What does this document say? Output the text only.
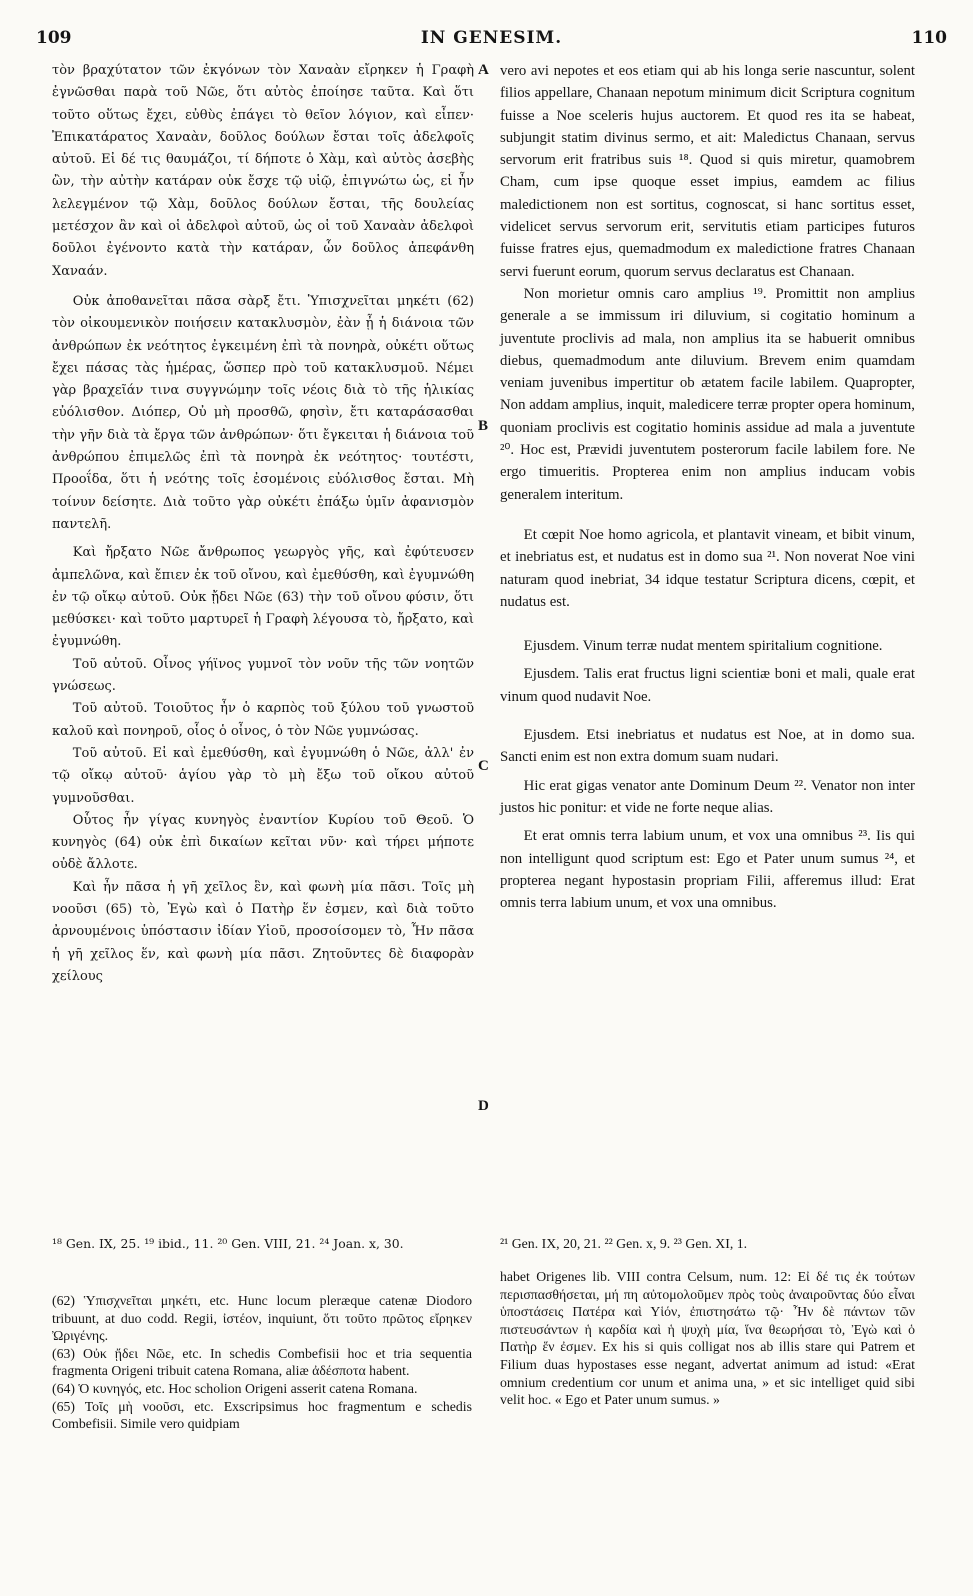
109	IN GENESIM.	110

τὸν βραχύτατον τῶν ἐκγόνων τὸν Χαναὰν εἴρηκεν ἡ Γραφὴ ἐγνῶσθαι παρὰ τοῦ Νῶε, ὅτι αὐτὸς ἐποίησε ταῦτα. Καὶ ὅτι τοῦτο οὕτως ἔχει, εὐθὺς ἐπάγει τὸ θεῖον λόγιον, καὶ εἶπεν· Ἐπικατάρατος Χαναὰν, δοῦλος δούλων ἔσται τοῖς ἀδελφοῖς αὐτοῦ. Εἰ δέ τις θαυμάζοι, τί δήποτε ὁ Χὰμ, καὶ αὐτὸς ἀσεβὴς ὢν, τὴν αὐτὴν κατάραν οὐκ ἔσχε τῷ υἱῷ, ἐπιγνώτω ὡς, εἰ ἦν λελεγμένον τῷ Χὰμ, δοῦλος δούλων ἔσται, τῆς δουλείας μετέσχον ἂν καὶ οἱ ἀδελφοὶ αὐτοῦ, ὡς οἱ τοῦ Χαναὰν ἀδελφοὶ δοῦλοι ἐγένοντο κατὰ τὴν κατάραν, ὧν δοῦλος ἀπεφάνθη Χαναάν.

Οὐκ ἀποθανεῖται πᾶσα σὰρξ ἔτι. Ὑπισχνεῖται μηκέτι (62) τὸν οἰκουμενικὸν ποιήσειν κατακλυσμὸν, ἐὰν ᾖ ἡ διάνοια τῶν ἀνθρώπων ἐκ νεότητος ἐγκειμένη ἐπὶ τὰ πονηρὰ, οὐκέτι οὕτως ἔχει πάσας τὰς ἡμέρας, ὥσπερ πρὸ τοῦ κατακλυσμοῦ. Νέμει γὰρ βραχεῖάν τινα συγγνώμην τοῖς νέοις διὰ τὸ τῆς ἡλικίας εὐόλισθον. Διόπερ, Οὐ μὴ προσθῶ, φησὶν, ἔτι καταράσασθαι τὴν γῆν διὰ τὰ ἔργα τῶν ἀνθρώπων· ὅτι ἔγκειται ἡ διάνοια τοῦ ἀνθρώπου ἐπιμελῶς ἐπὶ τὰ πονηρὰ ἐκ νεότητος· τουτέστι, Προοΐδα, ὅτι ἡ νεότης τοῖς ἐσομένοις εὐόλισθος ἔσται. Μὴ τοίνυν δείσητε. Διὰ τοῦτο γὰρ οὐκέτι ἐπάξω ὑμῖν ἀφανισμὸν παντελῆ.

Καὶ ἤρξατο Νῶε ἄνθρωπος γεωργὸς γῆς, καὶ ἐφύτευσεν ἀμπελῶνα, καὶ ἔπιεν ἐκ τοῦ οἴνου, καὶ ἐμεθύσθη, καὶ ἐγυμνώθη ἐν τῷ οἴκῳ αὐτοῦ. Οὐκ ᾔδει Νῶε (63) τὴν τοῦ οἴνου φύσιν, ὅτι μεθύσκει· καὶ τοῦτο μαρτυρεῖ ἡ Γραφὴ λέγουσα τὸ, ἤρξατο, καὶ ἐγυμνώθη.

Τοῦ αὐτοῦ. Οἶνος γήϊνος γυμνοῖ τὸν νοῦν τῆς τῶν νοητῶν γνώσεως.

Τοῦ αὐτοῦ. Τοιοῦτος ἦν ὁ καρπὸς τοῦ ξύλου τοῦ γνωστοῦ καλοῦ καὶ πονηροῦ, οἷος ὁ οἶνος, ὁ τὸν Νῶε γυμνώσας.

Τοῦ αὐτοῦ. Εἰ καὶ ἐμεθύσθη, καὶ ἐγυμνώθη ὁ Νῶε, ἀλλ' ἐν τῷ οἴκῳ αὐτοῦ· ἁγίου γὰρ τὸ μὴ ἔξω τοῦ οἴκου αὐτοῦ γυμνοῦσθαι.

Οὗτος ἦν γίγας κυνηγὸς ἐναντίον Κυρίου τοῦ Θεοῦ. Ὁ κυνηγὸς (64) οὐκ ἐπὶ δικαίων κεῖται νῦν· καὶ τήρει μήποτε οὐδὲ ἄλλοτε.

Καὶ ἦν πᾶσα ἡ γῆ χεῖλος ἓν, καὶ φωνὴ μία πᾶσι. Τοῖς μὴ νοοῦσι (65) τὸ, Ἐγὼ καὶ ὁ Πατὴρ ἕν ἐσμεν, καὶ διὰ τοῦτο ἀρνουμένοις ὑπόστασιν ἰδίαν Υἱοῦ, προσοίσομεν τὸ, Ἦν πᾶσα ἡ γῆ χεῖλος ἕν, καὶ φωνὴ μία πᾶσι. Ζητοῦντες δὲ διαφορὰν χείλους

A
B
C
D

vero avi nepotes et eos etiam qui ab his longa serie nascuntur, solent filios appellare, Chanaan nepotum minimum dicit Scriptura cognitum fuisse a Noe sceleris hujus auctorem. Et quod res ita se habeat, subjungit statim divinus sermo, et ait: Maledictus Chanaan, servus servorum erit fratribus suis ¹⁸. Quod si quis miretur, quamobrem Cham, cum ipse quoque esset impius, eamdem ac filius maledictionem non est sortitus, cognoscat, si hanc sortitus esset, videlicet servus servorum erit, servitutis etiam participes futuros fuisse fratres ejus, quemadmodum ex maledictione fratres Chanaan servi fuerunt eorum, quorum servus declaratus est Chanaan.

Non morietur omnis caro amplius ¹⁹. Promittit non amplius generale a se immissum iri diluvium, si cogitatio hominum a juventute proclivis ad mala, non amplius ita se habuerit omnibus diebus, quemadmodum ante diluvium. Brevem enim quamdam veniam juvenibus impertitur ob ætatem facile labilem. Quapropter, Non addam amplius, inquit, maledicere terræ propter opera hominum, quoniam proclivis est cogitatio hominis assidue ad mala a juventute ²⁰. Hoc est, Prævidi juventutem posterorum facile labilem fore. Ne ergo timueritis. Propterea enim non amplius inducam vobis generalem interitum.

Et cœpit Noe homo agricola, et plantavit vineam, et bibit vinum, et inebriatus est, et nudatus est in domo sua ²¹. Non noverat Noe vini naturam quod inebriat, 34 idque testatur Scriptura dicens, cœpit, et nudatus est.

Ejusdem. Vinum terræ nudat mentem spiritalium cognitione.

Ejusdem. Talis erat fructus ligni scientiæ boni et mali, quale erat vinum quod nudavit Noe.

Ejusdem. Etsi inebriatus et nudatus est Noe, at in domo sua. Sancti enim est non extra domum suam nudari.

Hic erat gigas venator ante Dominum Deum ²². Venator non inter justos hic ponitur: et vide ne forte neque alias.

Et erat omnis terra labium unum, et vox una omnibus ²³. Iis qui non intelligunt quod scriptum est: Ego et Pater unum sumus ²⁴, et propterea negant hypostasin propriam Filii, afferemus illud: Erat omnis terra labium unum, et vox una omnibus.

¹⁸ Gen. IX, 25. ¹⁹ ibid., 11. ²⁰ Gen. VIII, 21. ²⁴ Joan. x, 30.	²¹ Gen. IX, 20, 21. ²² Gen. x, 9. ²³ Gen. XI, 1.

(62) Ὑπισχνεῖται μηκέτι, etc. Hunc locum pleræque catenæ Diodoro tribuunt, at duo codd. Regii, ἰστέον, inquiunt, ὅτι τοῦτο πρῶτος εἴρηκεν Ὠριγένης.

(63) Οὐκ ᾔδει Νῶε, etc. In schedis Combefisii hoc et tria sequentia fragmenta Origeni tribuit catena Romana, aliæ ἀδέσποτα habent.

(64) Ὁ κυνηγός, etc. Hoc scholion Origeni asserit catena Romana.

(65) Τοῖς μὴ νοοῦσι, etc. Exscripsimus hoc fragmentum e schedis Combefisii. Simile vero quidpiam

habet Origenes lib. VIII contra Celsum, num. 12: Εἰ δέ τις ἐκ τούτων περισπασθήσεται, μή πη αὐτομολοῦμεν πρὸς τοὺς ἀναιροῦντας δύο εἶναι ὑποστάσεις Πατέρα καὶ Υἱόν, ἐπιστησάτω τῷ· Ἦν δὲ πάντων τῶν πιστευσάντων ἡ καρδία καὶ ἡ ψυχὴ μία, ἵνα θεωρήσαι τὸ, Ἐγὼ καὶ ὁ Πατὴρ ἕν ἐσμεν. Ex his si quis colligat nos ab illis stare qui Patrem et Filium duas hypostases esse negant, advertat animum ad istud: «Erat omnium credentium cor unum et anima una, » et sic intelliget quid sibi velit hoc. « Ego et Pater unum sumus. »
